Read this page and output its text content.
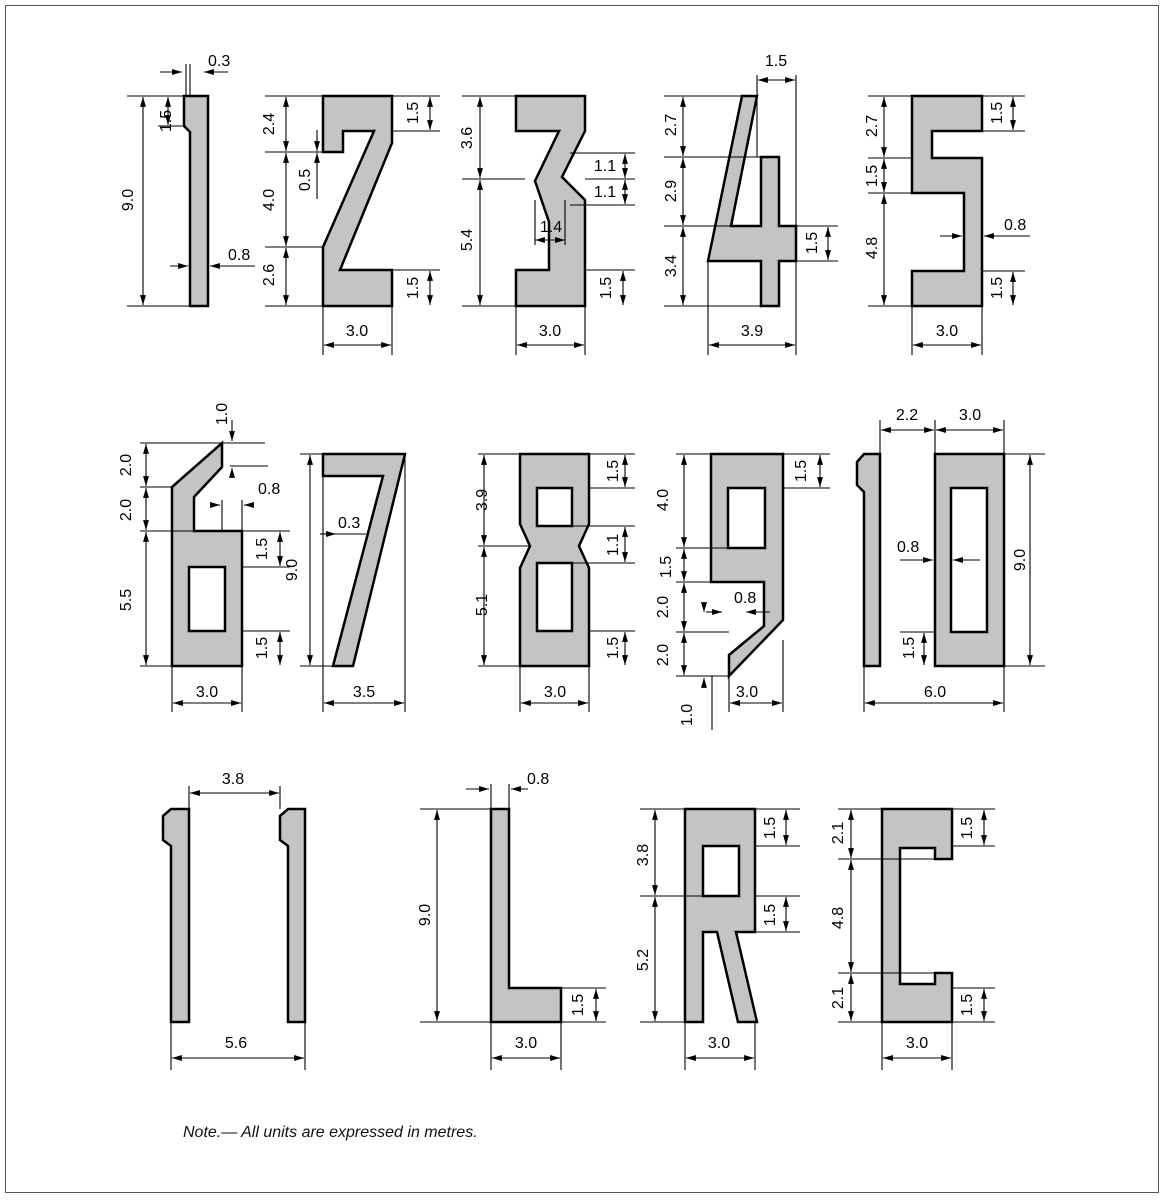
0.3
1.5
9.0
0.8
2.4
4.0
2.6
0.5
1.5
1.5
3.0
3.6
5.4
1.4
1.1
1.1
1.5
3.0
1.5
2.7
2.9
3.4
1.5
3.9
2.7
1.5
4.8
1.5
0.8
1.5
3.0
1.0
2.0
2.0
5.5
0.8
1.5
1.5
3.0
9.0
0.3
3.5
3.9
5.1
1.5
1.1
1.5
3.0
4.0
1.5
2.0
2.0
1.0
0.8
1.5
3.0
2.2	3.0
0.8
1.5
9.0
6.0
3.8
5.6
0.8
9.0
1.5
3.0
3.8
5.2
1.5
1.5
3.0
2.1
4.8
2.1
1.5
1.5
3.0
Note.— All units are expressed in metres.
